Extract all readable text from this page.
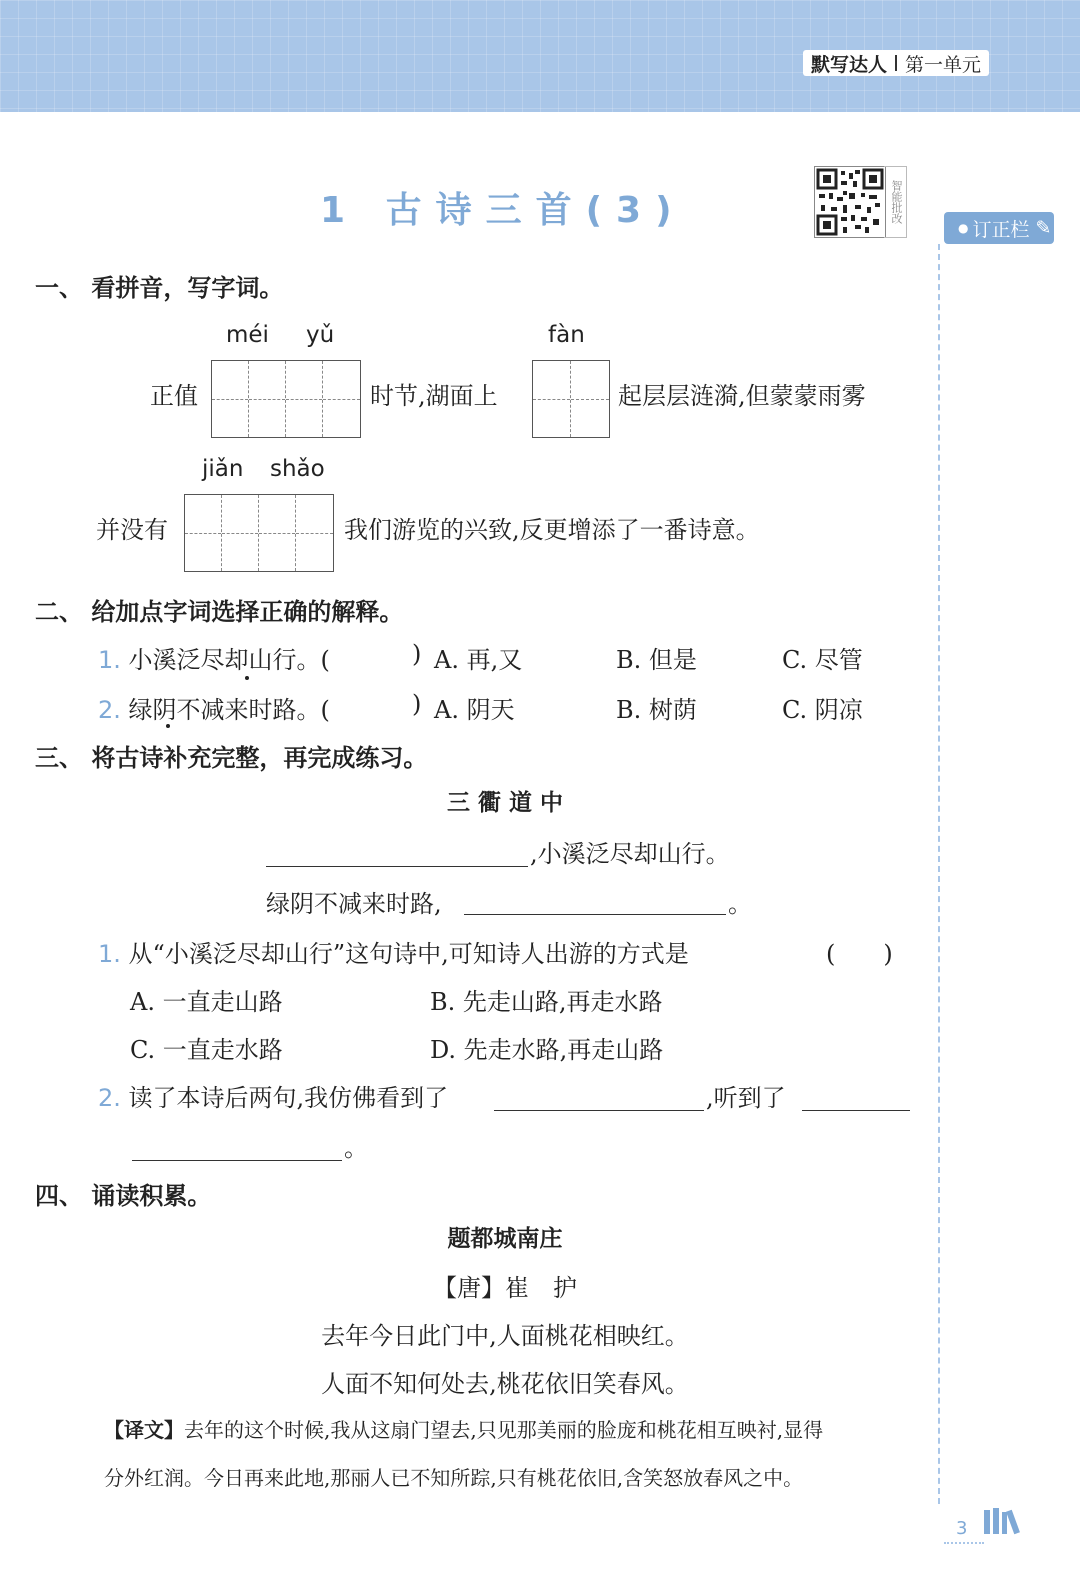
默写达人 第一单元
1 古诗三首(3)	智能批改
● 订正栏 ✎
一、 看拼音，写字词。
méi yǔ	fàn
正值	时节,湖面上	起层层涟漪,但蒙蒙雨雾
jiǎn shǎo
并没有	我们游览的兴致,反更增添了一番诗意。
二、 给加点字词选择正确的解释。
1. 小溪泛尽却山行。(	) A. 再,又	B. 但是	C. 尽管
2. 绿阴不减来时路。(	) A. 阴天	B. 树荫	C. 阴凉
三、 将古诗补充完整，再完成练习。
三 衢 道 中
,小溪泛尽却山行。
绿阴不减来时路,	。
1. 从“小溪泛尽却山行”这句诗中,可知诗人出游的方式是	(　　)
A. 一直走山路	B. 先走山路,再走水路
C. 一直走水路	D. 先走水路,再走山路
2. 读了本诗后两句,我仿佛看到了	,听到了
。
四、 诵读积累。
题都城南庄
【唐】崔　护
去年今日此门中,人面桃花相映红。
人面不知何处去,桃花依旧笑春风。
【译文】去年的这个时候,我从这扇门望去,只见那美丽的脸庞和桃花相互映衬,显得
分外红润。今日再来此地,那丽人已不知所踪,只有桃花依旧,含笑怒放春风之中。
3
